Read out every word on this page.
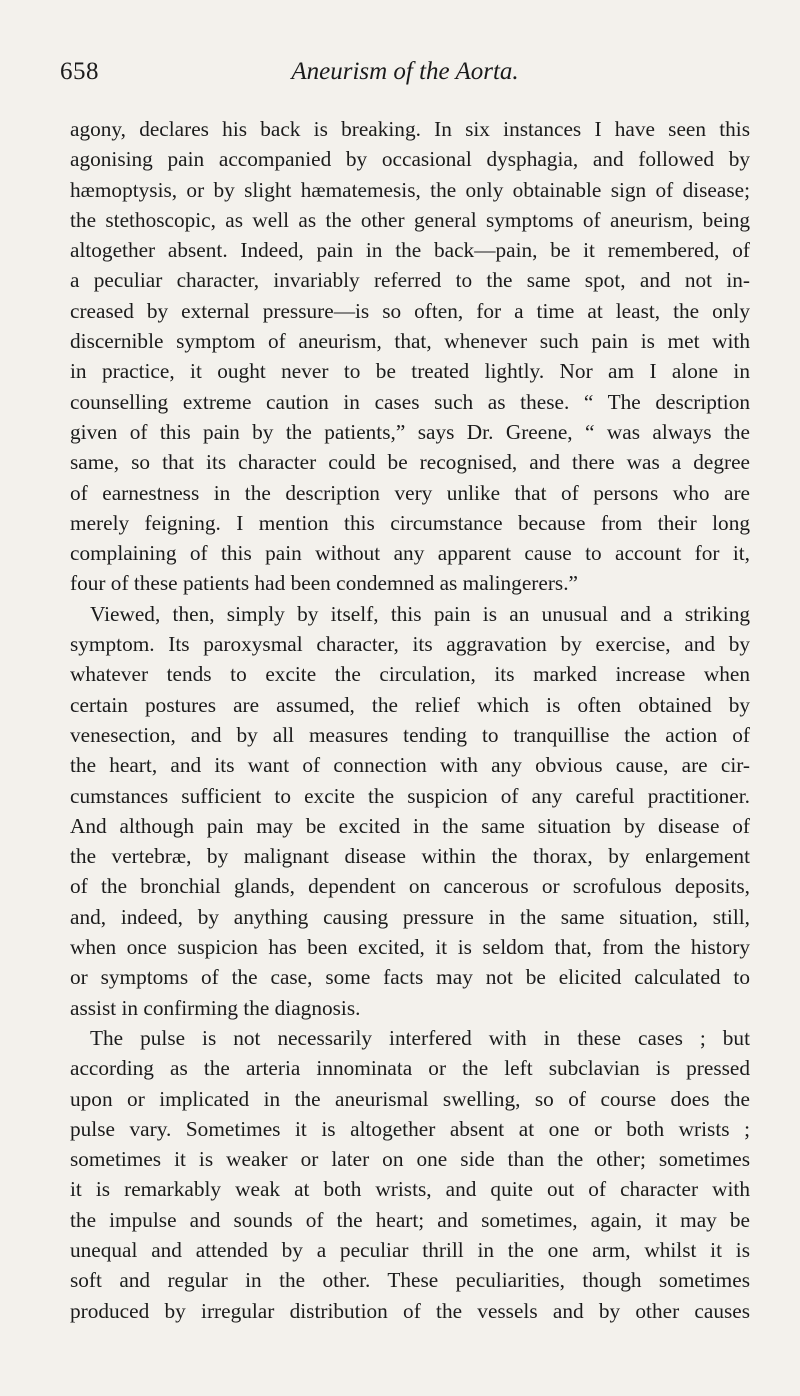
658	Aneurism of the Aorta.
agony, declares his back is breaking. In six instances I have seen this
agonising pain accompanied by occasional dysphagia, and followed by
hæmoptysis, or by slight hæmatemesis, the only obtainable sign of disease;
the stethoscopic, as well as the other general symptoms of aneurism, being
altogether absent. Indeed, pain in the back—pain, be it remembered, of
a peculiar character, invariably referred to the same spot, and not in-
creased by external pressure—is so often, for a time at least, the only
discernible symptom of aneurism, that, whenever such pain is met with
in practice, it ought never to be treated lightly. Nor am I alone in
counselling extreme caution in cases such as these. “ The description
given of this pain by the patients,” says Dr. Greene, “ was always the
same, so that its character could be recognised, and there was a degree
of earnestness in the description very unlike that of persons who are
merely feigning. I mention this circumstance because from their long
complaining of this pain without any apparent cause to account for it,
four of these patients had been condemned as malingerers.”
Viewed, then, simply by itself, this pain is an unusual and a striking
symptom. Its paroxysmal character, its aggravation by exercise, and by
whatever tends to excite the circulation, its marked increase when
certain postures are assumed, the relief which is often obtained by
venesection, and by all measures tending to tranquillise the action of
the heart, and its want of connection with any obvious cause, are cir-
cumstances sufficient to excite the suspicion of any careful practitioner.
And although pain may be excited in the same situation by disease of
the vertebræ, by malignant disease within the thorax, by enlargement
of the bronchial glands, dependent on cancerous or scrofulous deposits,
and, indeed, by anything causing pressure in the same situation, still,
when once suspicion has been excited, it is seldom that, from the history
or symptoms of the case, some facts may not be elicited calculated to
assist in confirming the diagnosis.
The pulse is not necessarily interfered with in these cases ; but
according as the arteria innominata or the left subclavian is pressed
upon or implicated in the aneurismal swelling, so of course does the
pulse vary. Sometimes it is altogether absent at one or both wrists ;
sometimes it is weaker or later on one side than the other; sometimes
it is remarkably weak at both wrists, and quite out of character with
the impulse and sounds of the heart; and sometimes, again, it may be
unequal and attended by a peculiar thrill in the one arm, whilst it is
soft and regular in the other. These peculiarities, though sometimes
produced by irregular distribution of the vessels and by other causes
